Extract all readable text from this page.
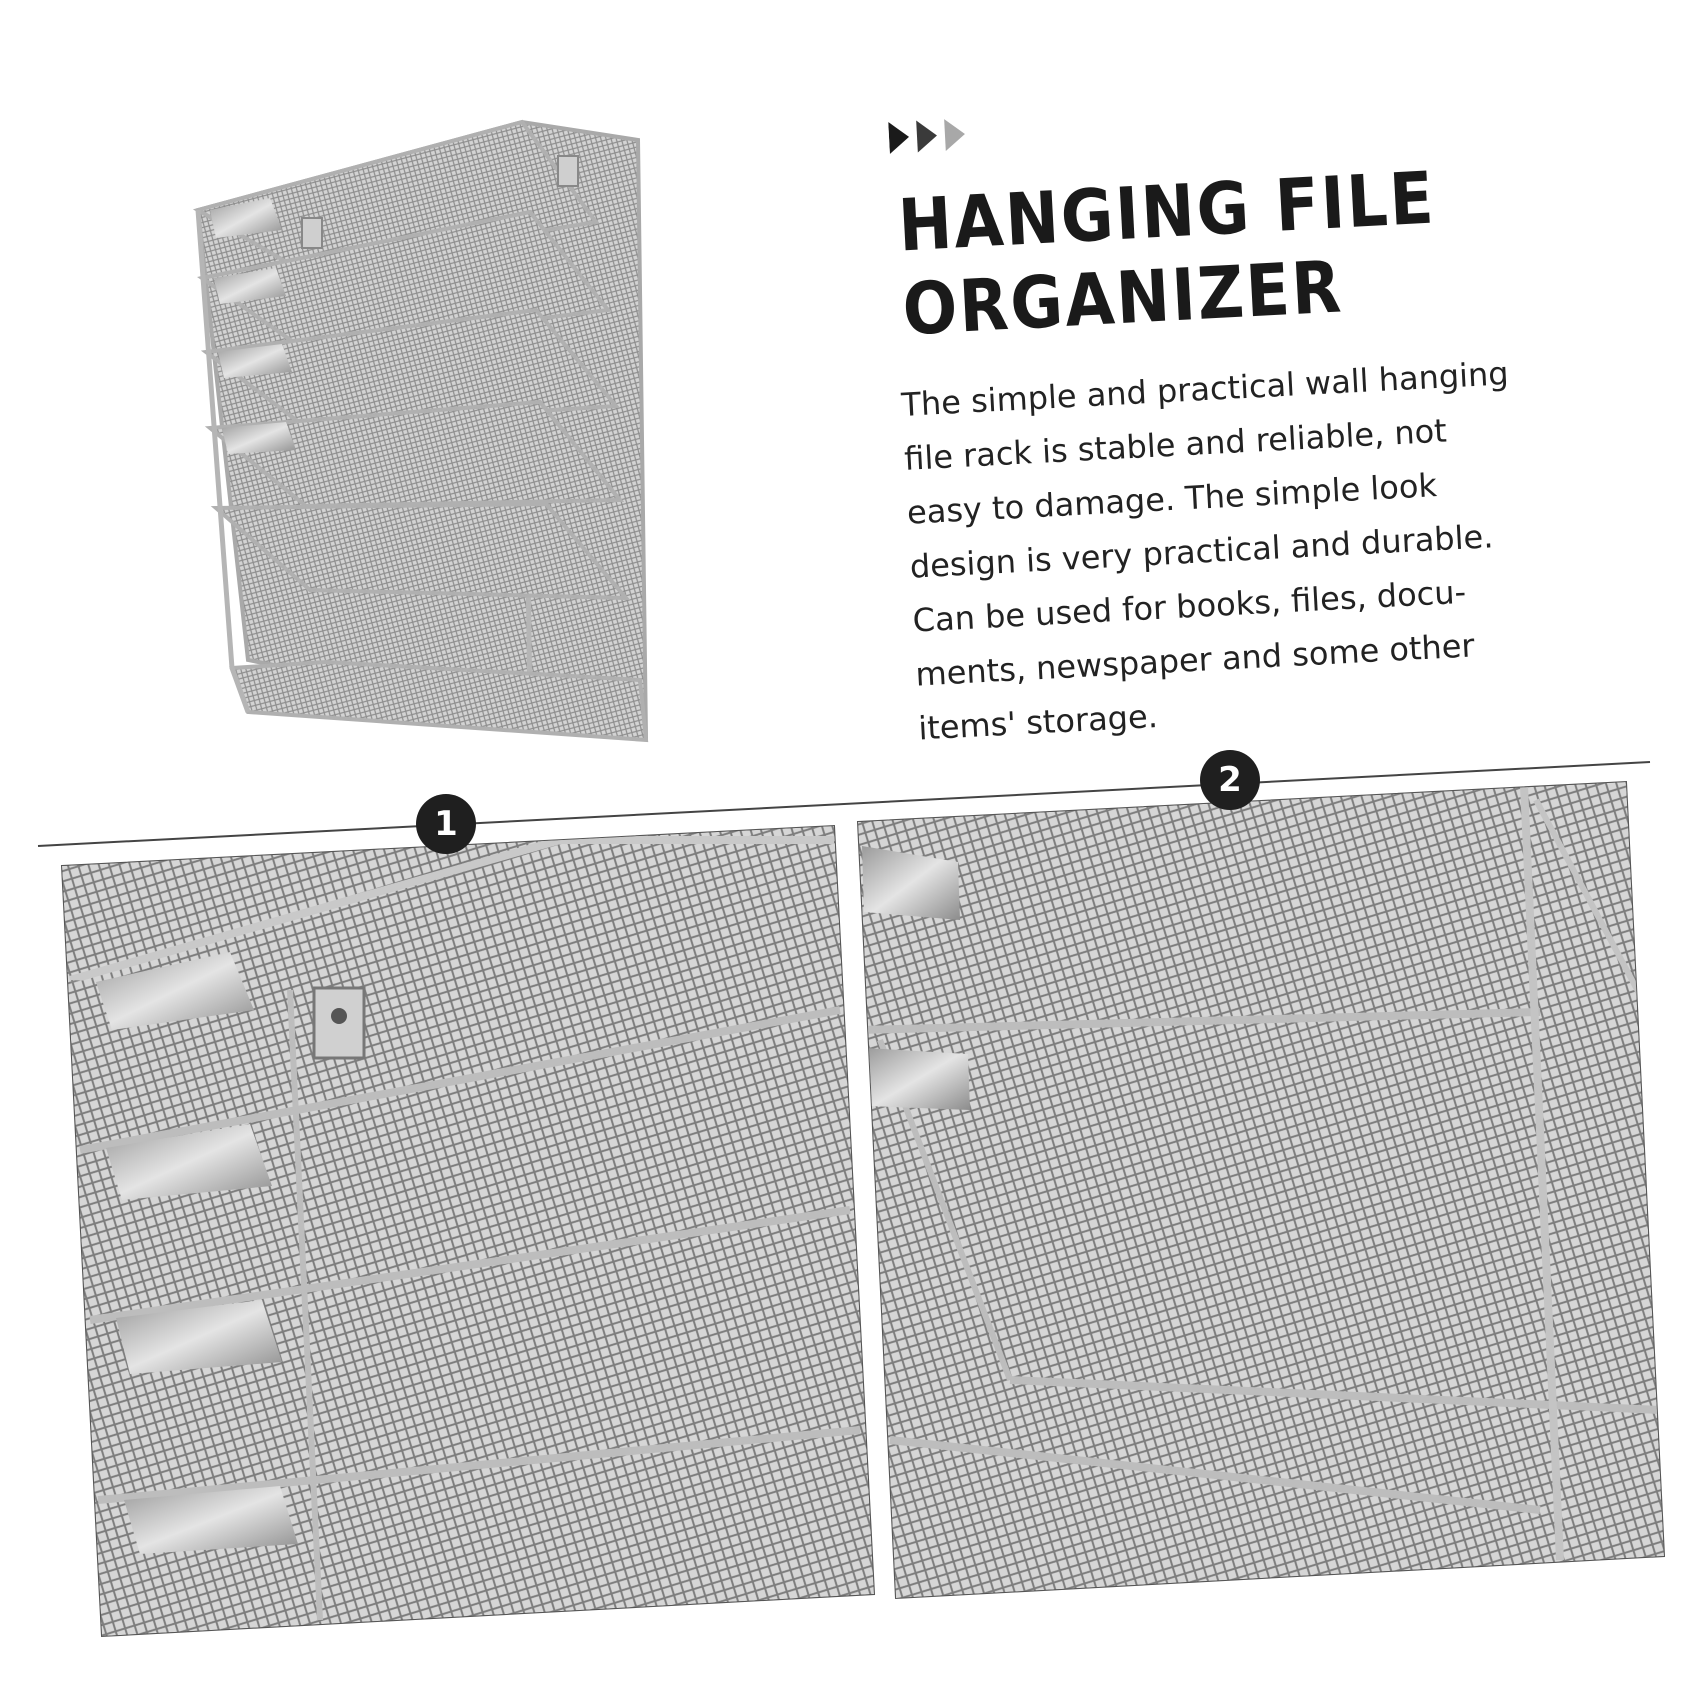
HANGING FILE
ORGANIZER
The simple and practical wall hanging
file rack is stable and reliable, not
easy to damage. The simple look
design is very practical and durable.
Can be used for books, files, docu-
ments, newspaper and some other
items' storage.
1
2
